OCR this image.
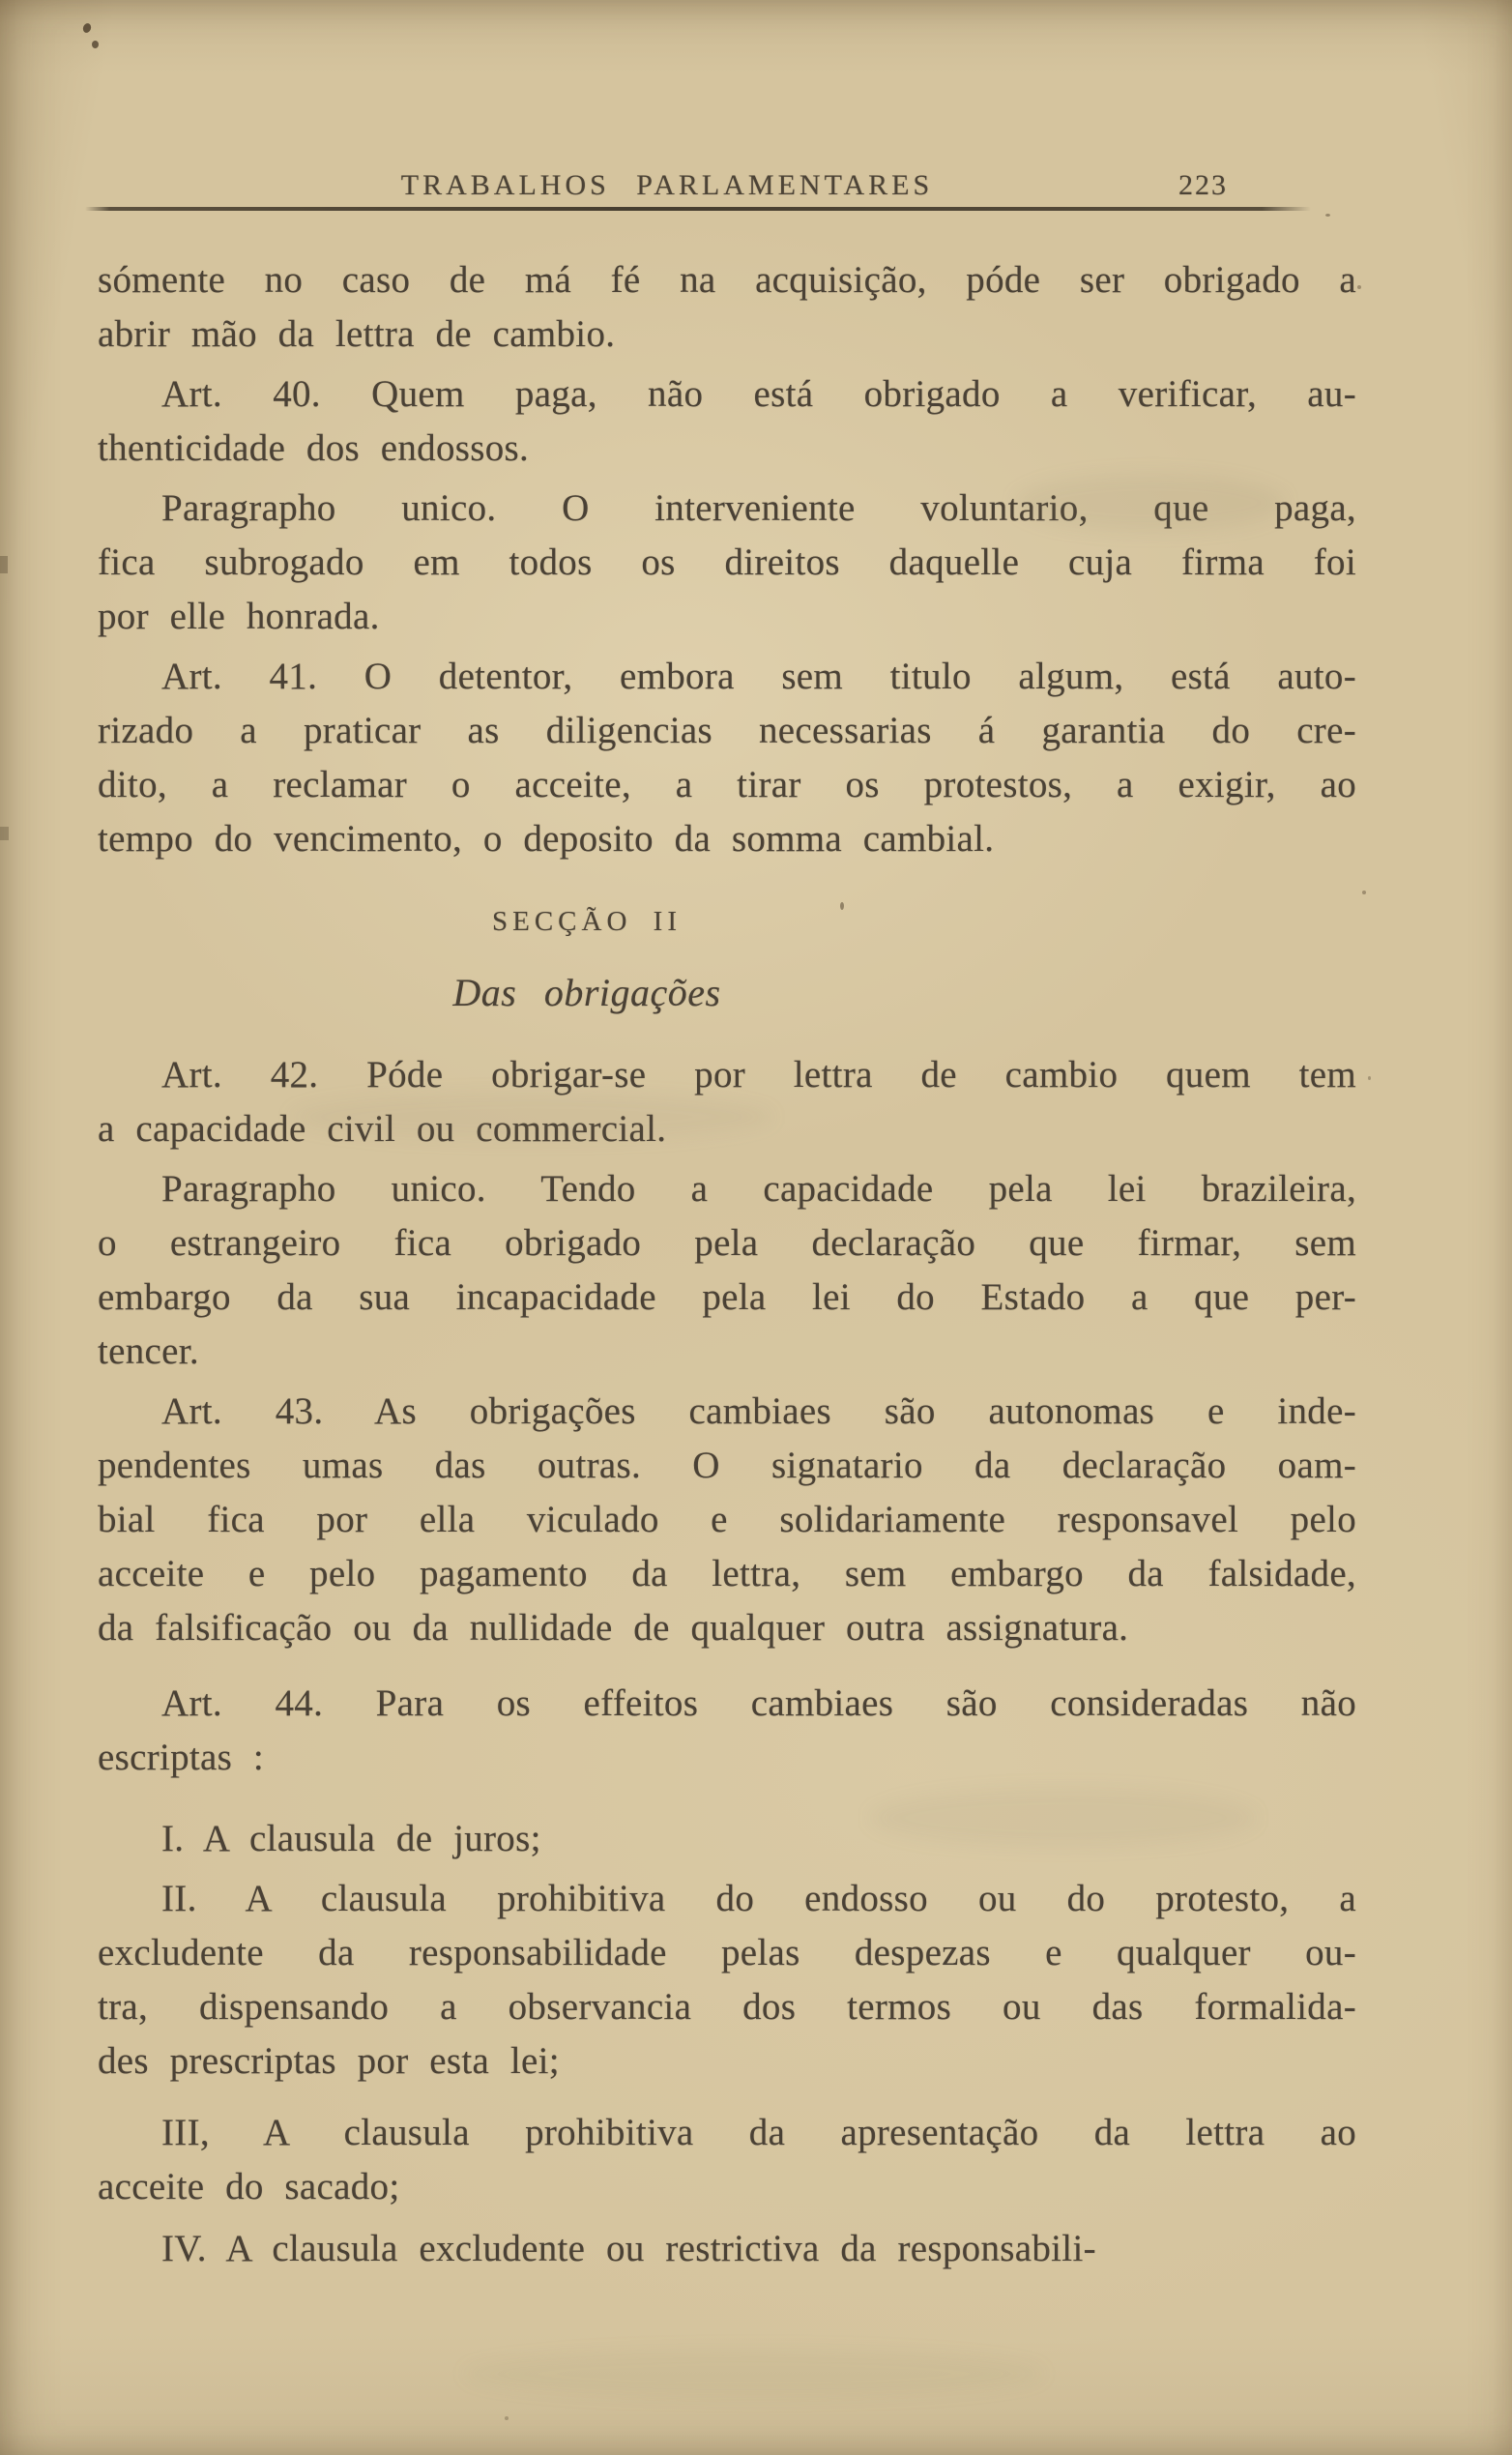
TRABALHOS PARLAMENTARES	223
sómente no caso de má fé na acquisição, póde ser obrigado a
abrir mão da lettra de cambio.
Art. 40. Quem paga, não está obrigado a verificar, au-
thenticidade dos endossos.
Paragrapho unico. O interveniente voluntario, que paga,
fica subrogado em todos os direitos daquelle cuja firma foi
por elle honrada.
Art. 41. O detentor, embora sem titulo algum, está auto-
rizado a praticar as diligencias necessarias á garantia do cre-
dito, a reclamar o acceite, a tirar os protestos, a exigir, ao
tempo do vencimento, o deposito da somma cambial.
SECÇÃO II
Das obrigações
Art. 42. Póde obrigar-se por lettra de cambio quem tem
a capacidade civil ou commercial.
Paragrapho unico. Tendo a capacidade pela lei brazileira,
o estrangeiro fica obrigado pela declaração que firmar, sem
embargo da sua incapacidade pela lei do Estado a que per-
tencer.
Art. 43. As obrigações cambiaes são autonomas e inde-
pendentes umas das outras. O signatario da declaração oam-
bial fica por ella viculado e solidariamente responsavel pelo
acceite e pelo pagamento da lettra, sem embargo da falsidade,
da falsificação ou da nullidade de qualquer outra assignatura.
Art. 44. Para os effeitos cambiaes são consideradas não
escriptas :
I. A clausula de juros;
II. A clausula prohibitiva do endosso ou do protesto, a
excludente da responsabilidade pelas despezas e qualquer ou-
tra, dispensando a observancia dos termos ou das formalida-
des prescriptas por esta lei;
III, A clausula prohibitiva da apresentação da lettra ao
acceite do sacado;
IV. A clausula excludente ou restrictiva da responsabili-
